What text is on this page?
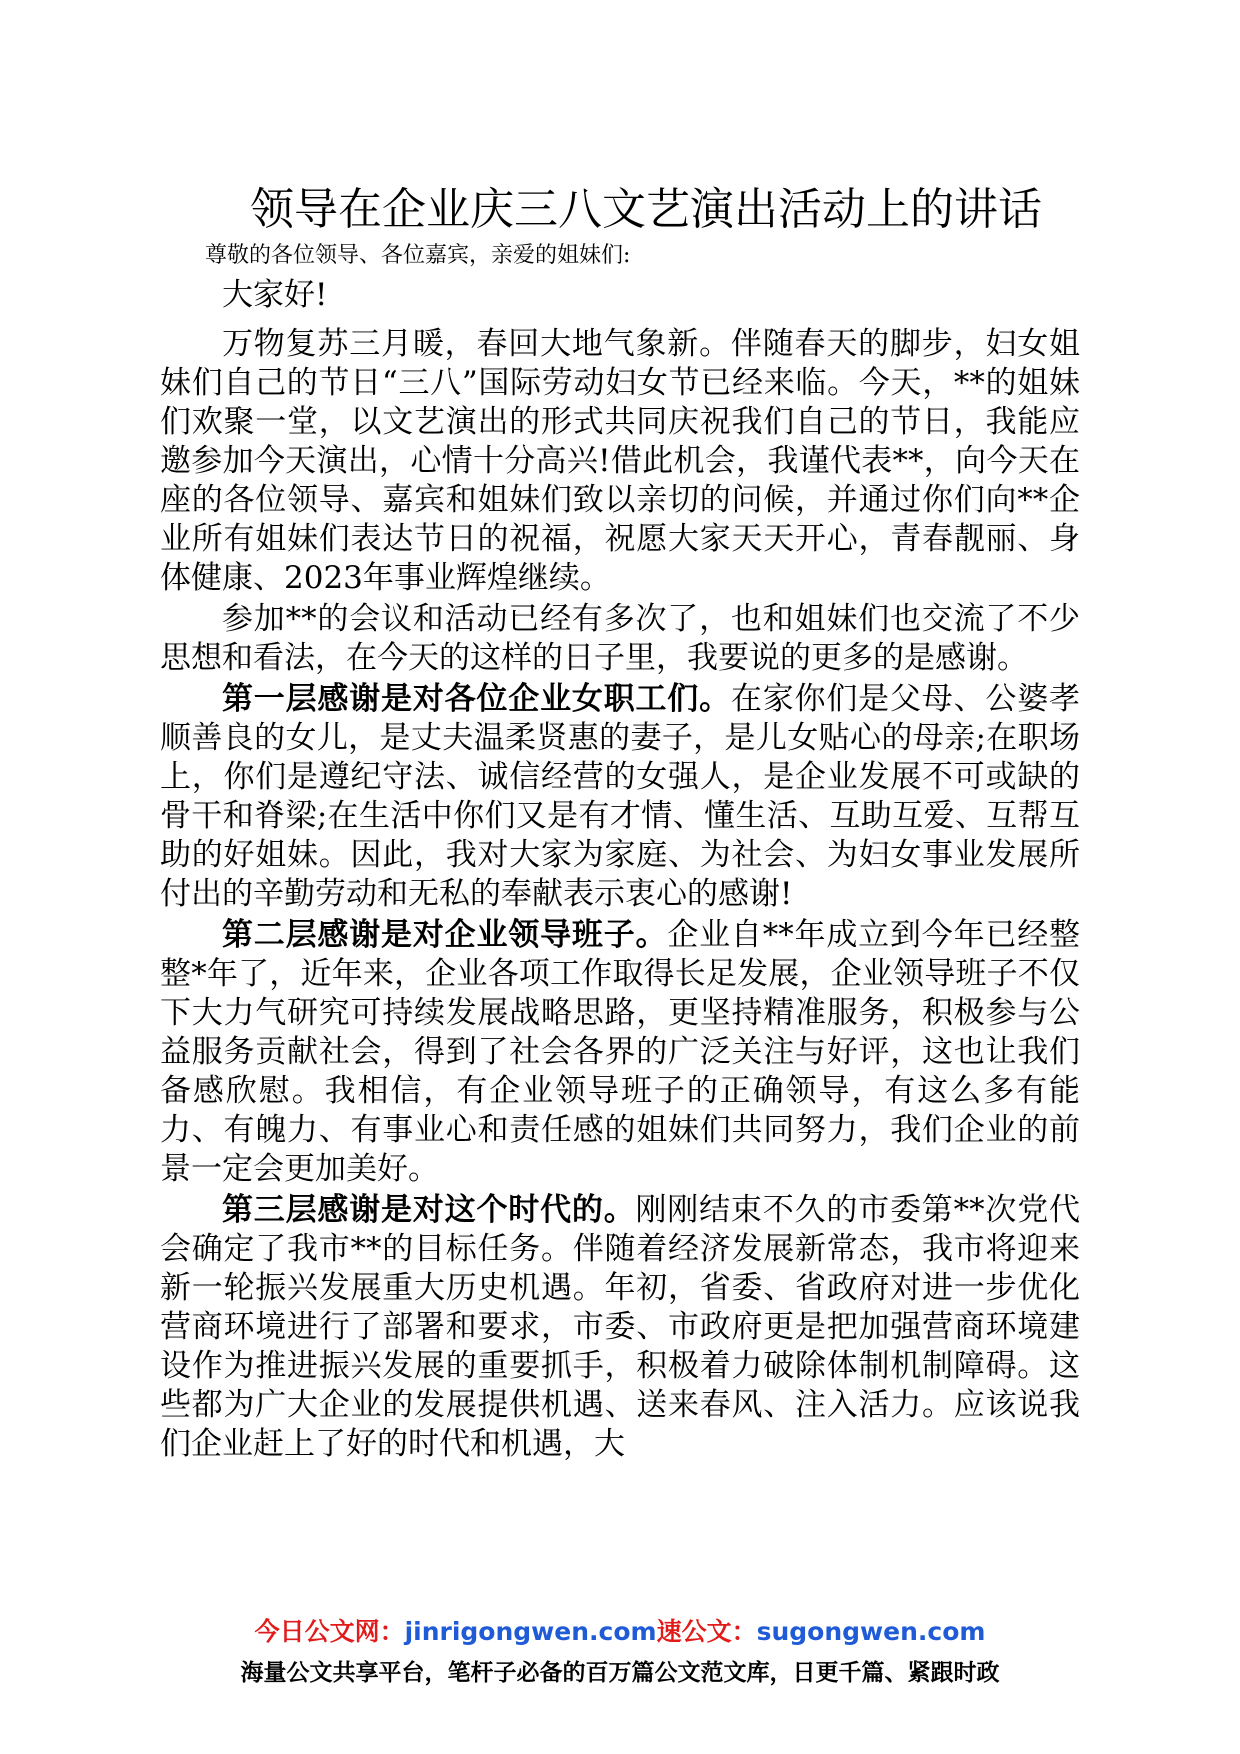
领导在企业庆三八文艺演出活动上的讲话
尊敬的各位领导、各位嘉宾，亲爱的姐妹们:

大家好!

万物复苏三月暖，春回大地气象新。伴随春天的脚步，妇女姐妹们自己的节日“三八”国际劳动妇女节已经来临。今天，**的姐妹们欢聚一堂，以文艺演出的形式共同庆祝我们自己的节日，我能应邀参加今天演出，心情十分高兴!借此机会，我谨代表**，向今天在座的各位领导、嘉宾和姐妹们致以亲切的问候，并通过你们向**企业所有姐妹们表达节日的祝福，祝愿大家天天开心，青春靓丽、身体健康、2023年事业辉煌继续。

参加**的会议和活动已经有多次了，也和姐妹们也交流了不少思想和看法，在今天的这样的日子里，我要说的更多的是感谢。

第一层感谢是对各位企业女职工们。在家你们是父母、公婆孝顺善良的女儿，是丈夫温柔贤惠的妻子，是儿女贴心的母亲;在职场上，你们是遵纪守法、诚信经营的女强人，是企业发展不可或缺的骨干和脊梁;在生活中你们又是有才情、懂生活、互助互爱、互帮互助的好姐妹。因此，我对大家为家庭、为社会、为妇女事业发展所付出的辛勤劳动和无私的奉献表示衷心的感谢!

第二层感谢是对企业领导班子。企业自**年成立到今年已经整整*年了，近年来，企业各项工作取得长足发展，企业领导班子不仅下大力气研究可持续发展战略思路，更坚持精准服务，积极参与公益服务贡献社会，得到了社会各界的广泛关注与好评，这也让我们备感欣慰。我相信，有企业领导班子的正确领导，有这么多有能力、有魄力、有事业心和责任感的姐妹们共同努力，我们企业的前景一定会更加美好。

第三层感谢是对这个时代的。刚刚结束不久的市委第**次党代会确定了我市**的目标任务。伴随着经济发展新常态，我市将迎来新一轮振兴发展重大历史机遇。年初，省委、省政府对进一步优化营商环境进行了部署和要求，市委、市政府更是把加强营商环境建设作为推进振兴发展的重要抓手，积极着力破除体制机制障碍。这些都为广大企业的发展提供机遇、送来春风、注入活力。应该说我们企业赶上了好的时代和机遇，大

今日公文网：jinrigongwen.com速公文：sugongwen.com
海量公文共享平台，笔杆子必备的百万篇公文范文库，日更千篇、紧跟时政
